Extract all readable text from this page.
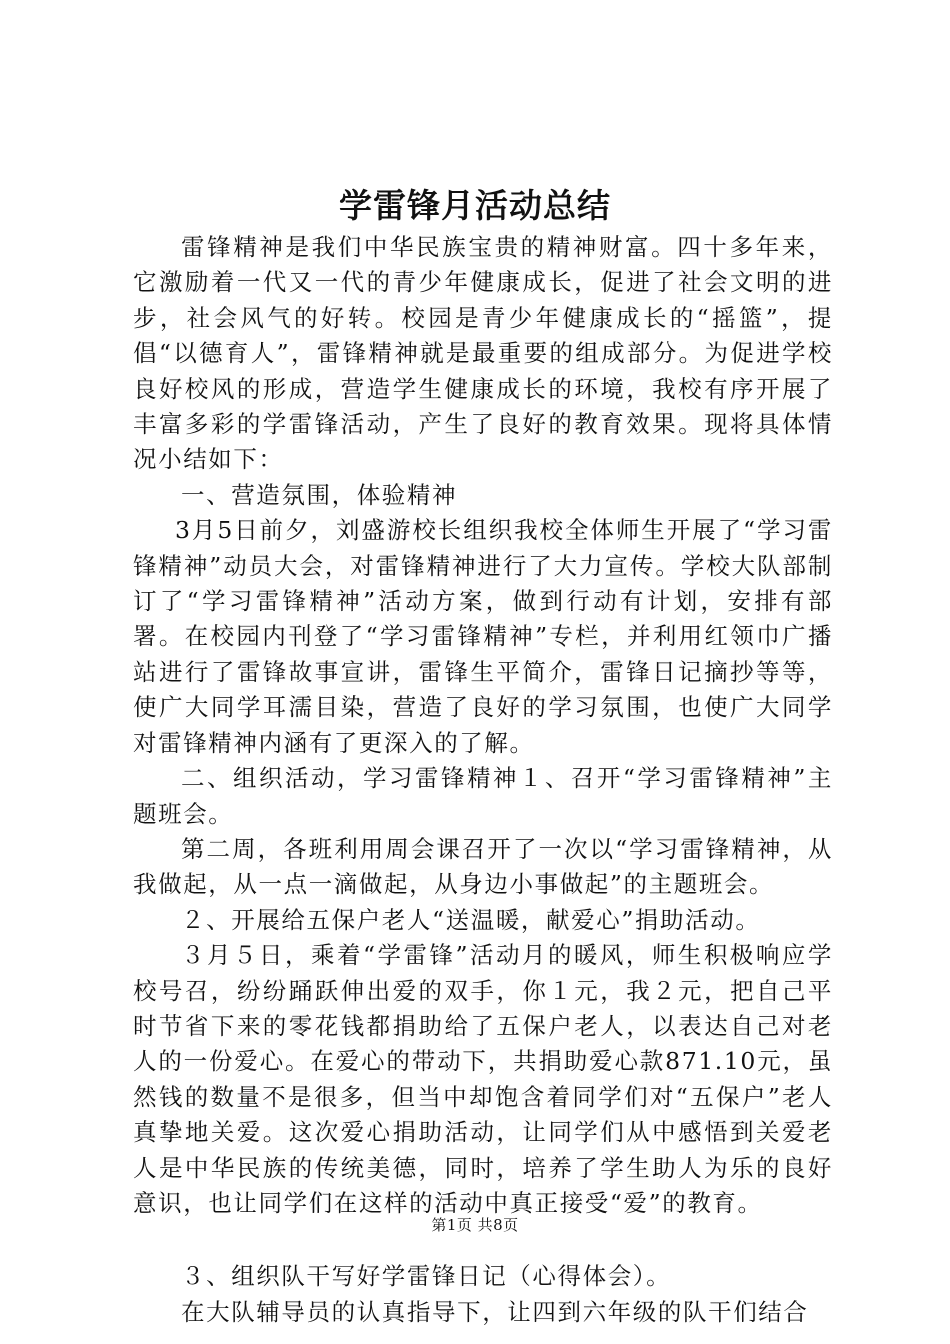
学雷锋月活动总结

雷锋精神是我们中华民族宝贵的精神财富。四十多年来，它激励着一代又一代的青少年健康成长，促进了社会文明的进步，社会风气的好转。校园是青少年健康成长的“摇篮”，提倡“以德育人”，雷锋精神就是最重要的组成部分。为促进学校良好校风的形成，营造学生健康成长的环境，我校有序开展了丰富多彩的学雷锋活动，产生了良好的教育效果。现将具体情况小结如下：

一、营造氛围，体验精神

3月5日前夕，刘盛游校长组织我校全体师生开展了“学习雷锋精神”动员大会，对雷锋精神进行了大力宣传。学校大队部制订了“学习雷锋精神”活动方案，做到行动有计划，安排有部署。在校园内刊登了“学习雷锋精神”专栏，并利用红领巾广播站进行了雷锋故事宣讲，雷锋生平简介，雷锋日记摘抄等等，使广大同学耳濡目染，营造了良好的学习氛围，也使广大同学对雷锋精神内涵有了更深入的了解。

二、组织活动，学习雷锋精神１、召开“学习雷锋精神”主题班会。

第二周，各班利用周会课召开了一次以“学习雷锋精神，从我做起，从一点一滴做起，从身边小事做起”的主题班会。

２、开展给五保户老人“送温暖，献爱心”捐助活动。

３月５日，乘着“学雷锋”活动月的暖风，师生积极响应学校号召，纷纷踊跃伸出爱的双手，你１元，我２元，把自己平时节省下来的零花钱都捐助给了五保户老人，以表达自己对老人的一份爱心。在爱心的带动下，共捐助爱心款871.10元，虽然钱的数量不是很多，但当中却饱含着同学们对“五保户”老人真挚地关爱。这次爱心捐助活动，让同学们从中感悟到关爱老人是中华民族的传统美德，同时，培养了学生助人为乐的良好意识，也让同学们在这样的活动中真正接受“爱”的教育。

３、组织队干写好学雷锋日记（心得体会）。

在大队辅导员的认真指导下，让四到六年级的队干们结合

第1页 共8页
